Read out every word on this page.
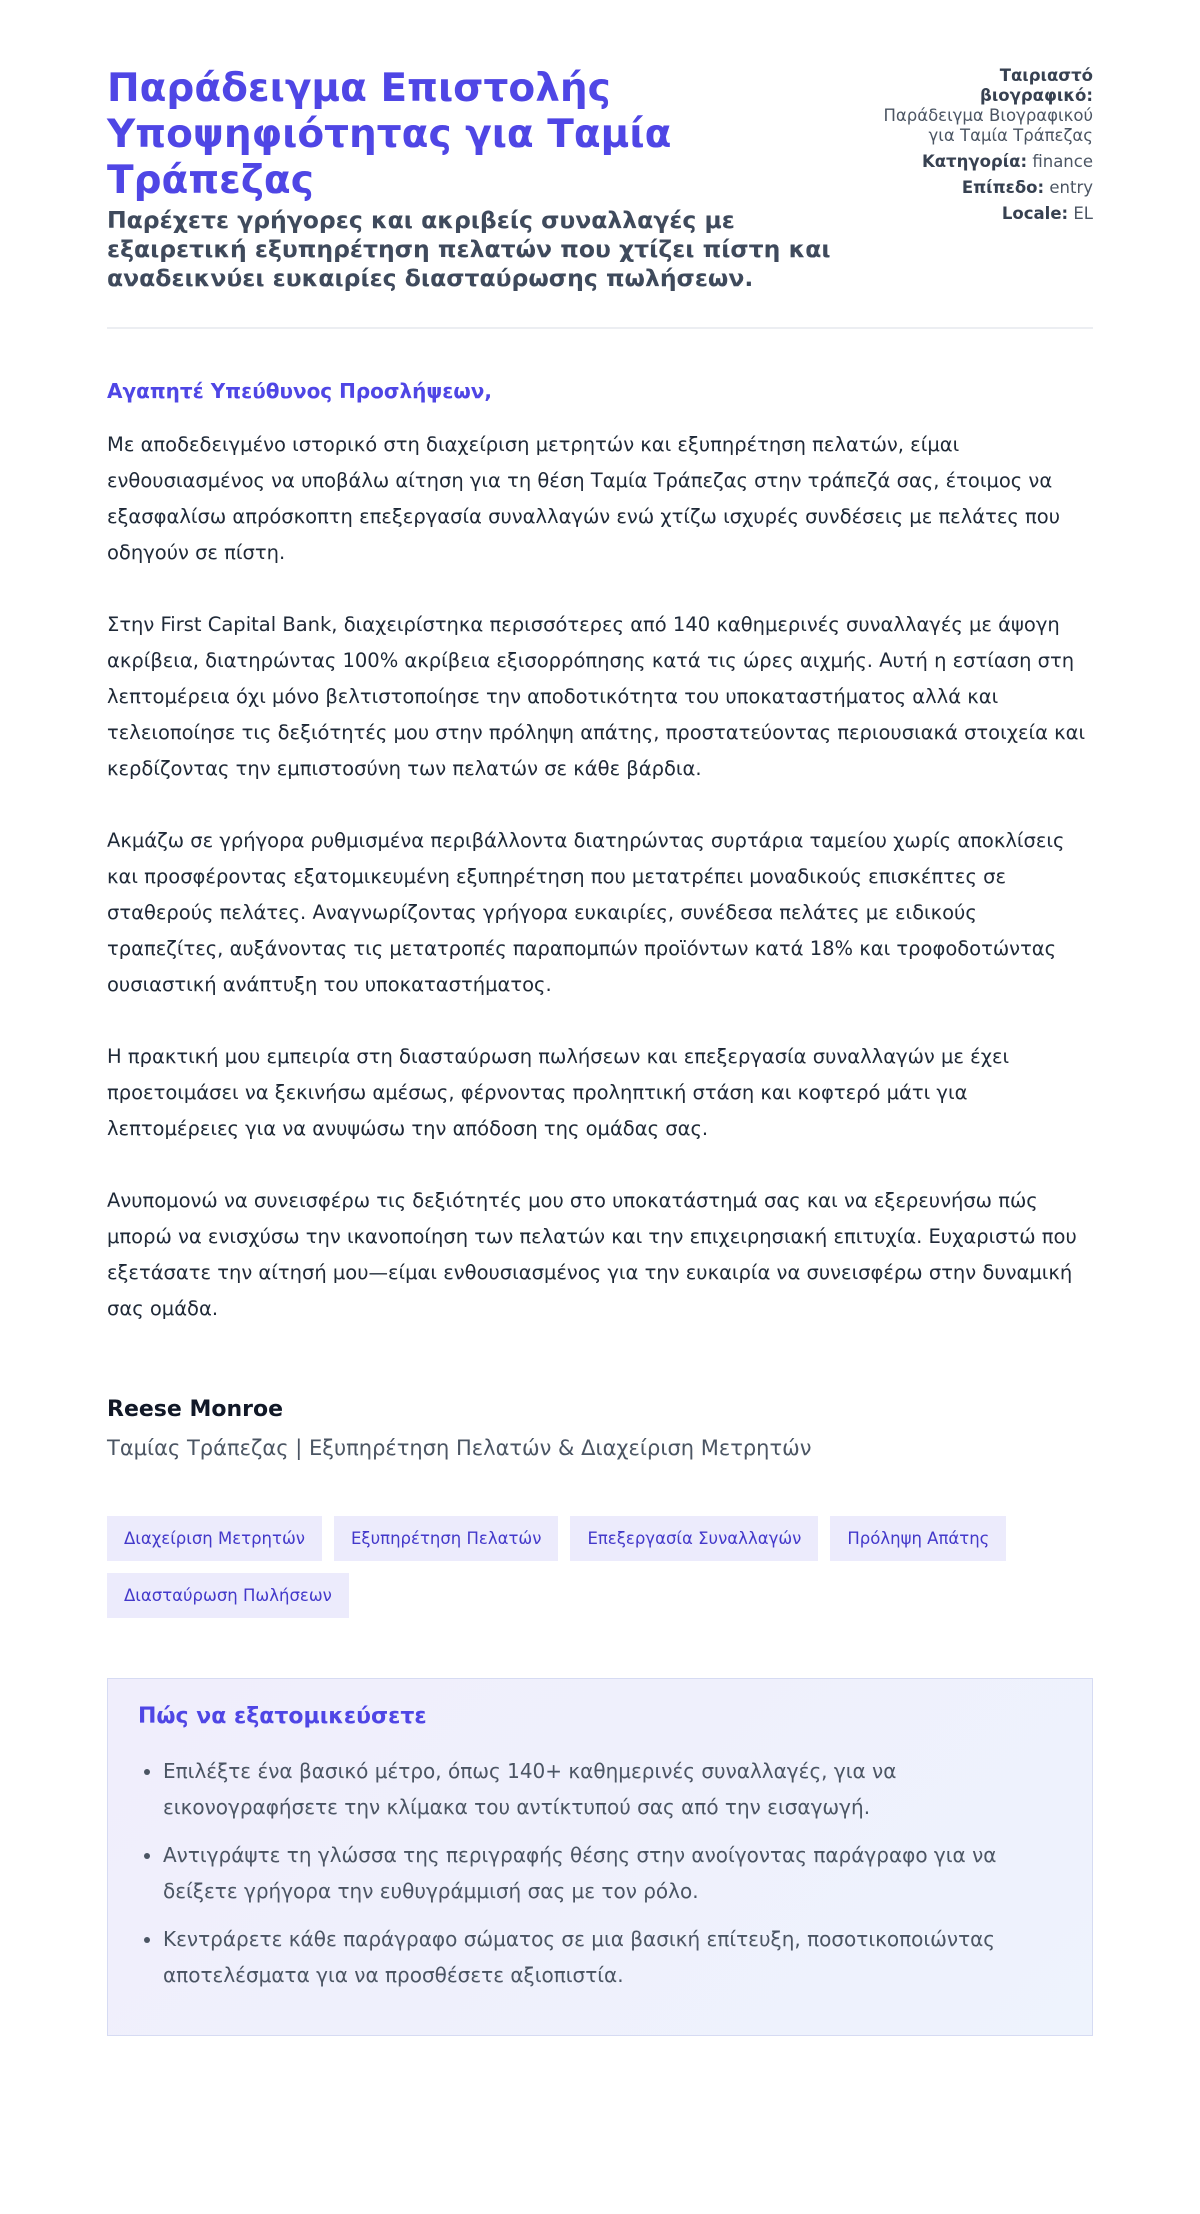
Παράδειγμα Επιστολής Υποψηφιότητας για Ταμία Τράπεζας

Παρέχετε γρήγορες και ακριβείς συναλλαγές με εξαιρετική εξυπηρέτηση πελατών που χτίζει πίστη και αναδεικνύει ευκαιρίες διασταύρωσης πωλήσεων.

Ταιριαστό βιογραφικό: Παράδειγμα Βιογραφικού για Ταμία Τράπεζας
Κατηγορία: finance
Επίπεδο: entry
Locale: EL

Αγαπητέ Υπεύθυνος Προσλήψεων,

Με αποδεδειγμένο ιστορικό στη διαχείριση μετρητών και εξυπηρέτηση πελατών, είμαι ενθουσιασμένος να υποβάλω αίτηση για τη θέση Ταμία Τράπεζας στην τράπεζά σας, έτοιμος να εξασφαλίσω απρόσκοπτη επεξεργασία συναλλαγών ενώ χτίζω ισχυρές συνδέσεις με πελάτες που οδηγούν σε πίστη.

Στην First Capital Bank, διαχειρίστηκα περισσότερες από 140 καθημερινές συναλλαγές με άψογη ακρίβεια, διατηρώντας 100% ακρίβεια εξισορρόπησης κατά τις ώρες αιχμής. Αυτή η εστίαση στη λεπτομέρεια όχι μόνο βελτιστοποίησε την αποδοτικότητα του υποκαταστήματος αλλά και τελειοποίησε τις δεξιότητές μου στην πρόληψη απάτης, προστατεύοντας περιουσιακά στοιχεία και κερδίζοντας την εμπιστοσύνη των πελατών σε κάθε βάρδια.

Ακμάζω σε γρήγορα ρυθμισμένα περιβάλλοντα διατηρώντας συρτάρια ταμείου χωρίς αποκλίσεις και προσφέροντας εξατομικευμένη εξυπηρέτηση που μετατρέπει μοναδικούς επισκέπτες σε σταθερούς πελάτες. Αναγνωρίζοντας γρήγορα ευκαιρίες, συνέδεσα πελάτες με ειδικούς τραπεζίτες, αυξάνοντας τις μετατροπές παραπομπών προϊόντων κατά 18% και τροφοδοτώντας ουσιαστική ανάπτυξη του υποκαταστήματος.

Η πρακτική μου εμπειρία στη διασταύρωση πωλήσεων και επεξεργασία συναλλαγών με έχει προετοιμάσει να ξεκινήσω αμέσως, φέρνοντας προληπτική στάση και κοφτερό μάτι για λεπτομέρειες για να ανυψώσω την απόδοση της ομάδας σας.

Ανυπομονώ να συνεισφέρω τις δεξιότητές μου στο υποκατάστημά σας και να εξερευνήσω πώς μπορώ να ενισχύσω την ικανοποίηση των πελατών και την επιχειρησιακή επιτυχία. Ευχαριστώ που εξετάσατε την αίτησή μου—είμαι ενθουσιασμένος για την ευκαιρία να συνεισφέρω στην δυναμική σας ομάδα.

Reese Monroe
Ταμίας Τράπεζας | Εξυπηρέτηση Πελατών & Διαχείριση Μετρητών
Διαχείριση Μετρητών	Εξυπηρέτηση Πελατών	Επεξεργασία Συναλλαγών	Πρόληψη Απάτης
Διασταύρωση Πωλήσεων
Πώς να εξατομικεύσετε
• Επιλέξτε ένα βασικό μέτρο, όπως 140+ καθημερινές συναλλαγές, για να εικονογραφήσετε την κλίμακα του αντίκτυπού σας από την εισαγωγή.
• Αντιγράψτε τη γλώσσα της περιγραφής θέσης στην ανοίγοντας παράγραφο για να δείξετε γρήγορα την ευθυγράμμισή σας με τον ρόλο.
• Κεντράρετε κάθε παράγραφο σώματος σε μια βασική επίτευξη, ποσοτικοποιώντας αποτελέσματα για να προσθέσετε αξιοπιστία.
